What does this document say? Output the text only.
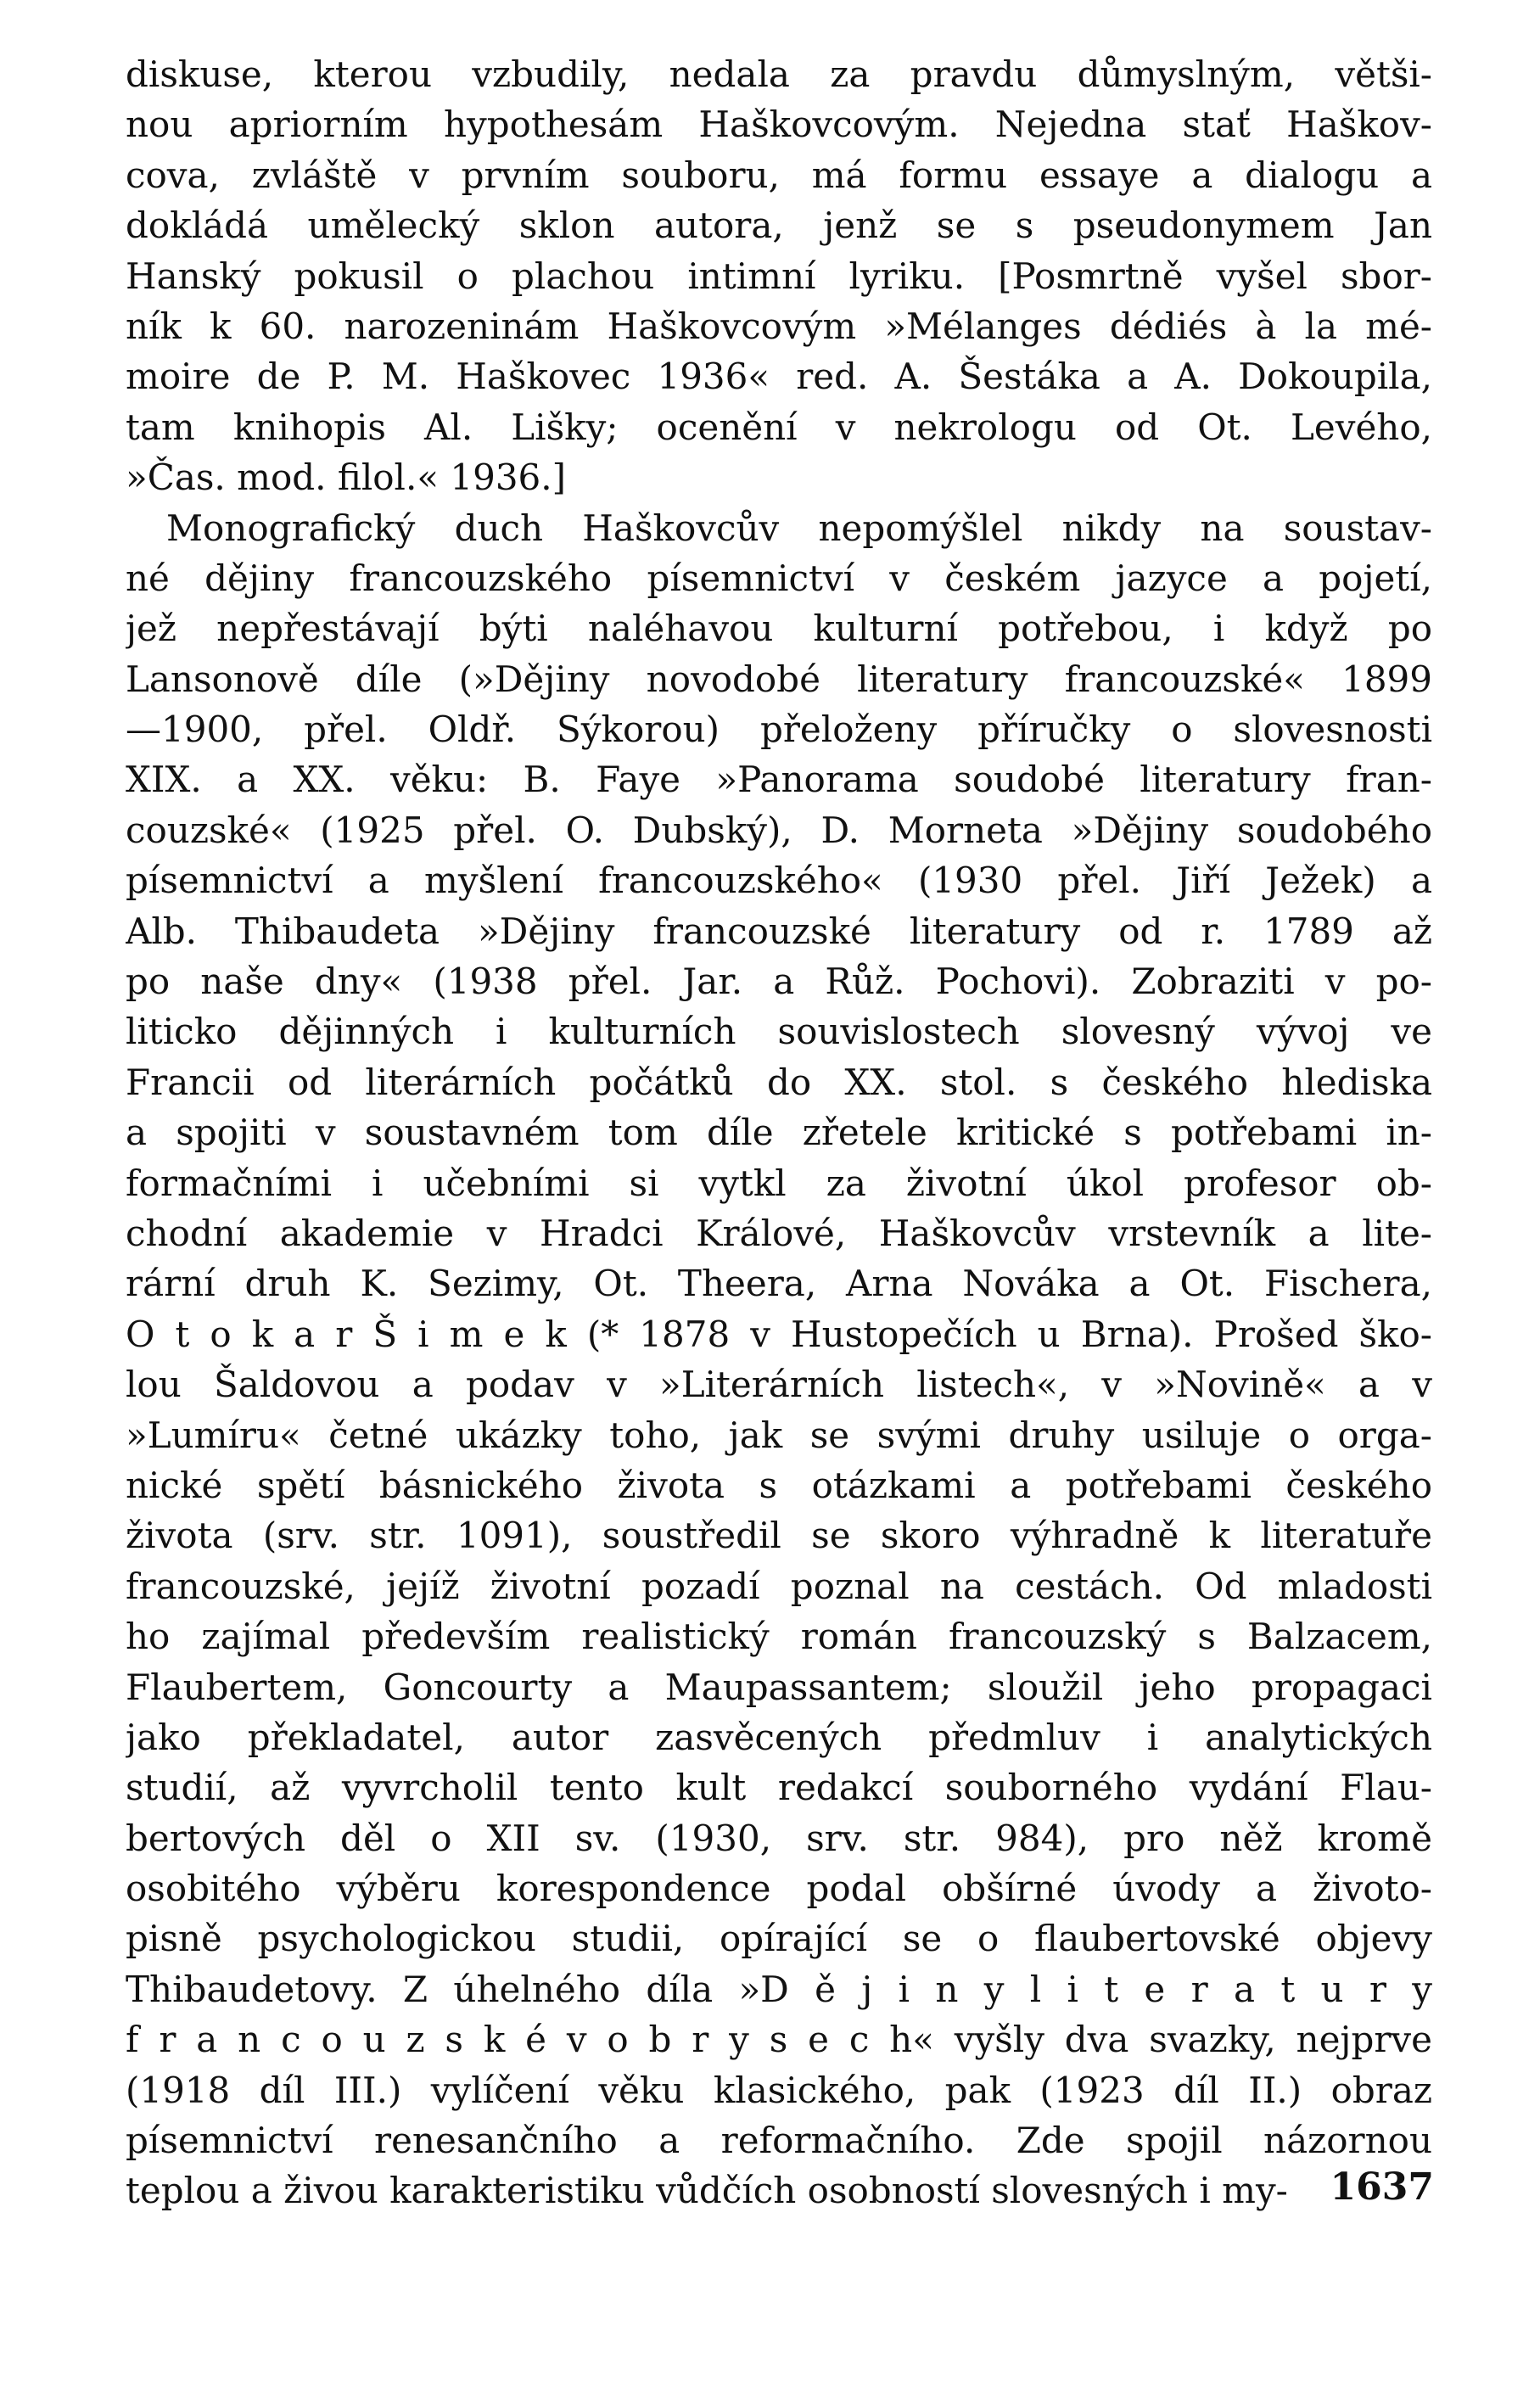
diskuse, kterou vzbudily, nedala za pravdu důmyslným, větši-
nou apriorním hypothesám Haškovcovým. Nejedna stať Haškov-
cova, zvláště v prvním souboru, má formu essaye a dialogu a
dokládá umělecký sklon autora, jenž se s pseudonymem Jan
Hanský pokusil o plachou intimní lyriku. [Posmrtně vyšel sbor-
ník k 60. narozeninám Haškovcovým »Mélanges dédiés à la mé-
moire de P. M. Haškovec 1936« red. A. Šestáka a A. Dokoupila,
tam knihopis Al. Lišky; ocenění v nekrologu od Ot. Levého,
»Čas. mod. filol.« 1936.]
Monografický duch Haškovcův nepomýšlel nikdy na soustav-
né dějiny francouzského písemnictví v českém jazyce a pojetí,
jež nepřestávají býti naléhavou kulturní potřebou, i když po
Lansonově díle (»Dějiny novodobé literatury francouzské« 1899
—1900, přel. Oldř. Sýkorou) přeloženy příručky o slovesnosti
XIX. a XX. věku: B. Faye »Panorama soudobé literatury fran-
couzské« (1925 přel. O. Dubský), D. Morneta »Dějiny soudobého
písemnictví a myšlení francouzského« (1930 přel. Jiří Ježek) a
Alb. Thibaudeta »Dějiny francouzské literatury od r. 1789 až
po naše dny« (1938 přel. Jar. a Růž. Pochovi). Zobraziti v po-
liticko dějinných i kulturních souvislostech slovesný vývoj ve
Francii od literárních počátků do XX. stol. s českého hlediska
a spojiti v soustavném tom díle zřetele kritické s potřebami in-
formačními i učebními si vytkl za životní úkol profesor ob-
chodní akademie v Hradci Králové, Haškovcův vrstevník a lite-
rární druh K. Sezimy, Ot. Theera, Arna Nováka a Ot. Fischera,
O t o k a r Š i m e k (* 1878 v Hustopečích u Brna). Prošed ško-
lou Šaldovou a podav v »Literárních listech«, v »Novině« a v
»Lumíru« četné ukázky toho, jak se svými druhy usiluje o orga-
nické spětí básnického života s otázkami a potřebami českého
života (srv. str. 1091), soustředil se skoro výhradně k literatuře
francouzské, jejíž životní pozadí poznal na cestách. Od mladosti
ho zajímal především realistický román francouzský s Balzacem,
Flaubertem, Goncourty a Maupassantem; sloužil jeho propagaci
jako překladatel, autor zasvěcených předmluv i analytických
studií, až vyvrcholil tento kult redakcí souborného vydání Flau-
bertových děl o XII sv. (1930, srv. str. 984), pro něž kromě
osobitého výběru korespondence podal obšírné úvody a životo-
pisně psychologickou studii, opírající se o flaubertovské objevy
Thibaudetovy. Z úhelného díla »D ě j i n y l i t e r a t u r y
f r a n c o u z s k é v o b r y s e c h« vyšly dva svazky, nejprve
(1918 díl III.) vylíčení věku klasického, pak (1923 díl II.) obraz
písemnictví renesančního a reformačního. Zde spojil názornou
teplou a živou karakteristiku vůdčích osobností slovesných i my-	1637
